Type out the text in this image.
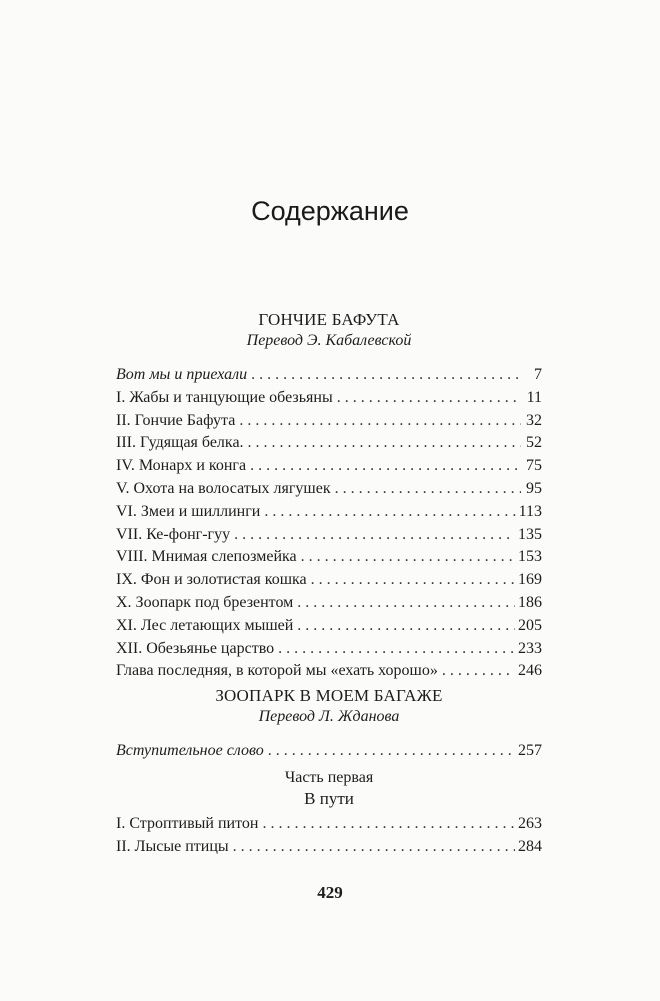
Содержание
ГОНЧИЕ БАФУТА
Перевод Э. Кабалевской
Вот мы и приехали . . .	7
I. Жабы и танцующие обезьяны . . .	11
II. Гончие Бафута . . .	32
III. Гудящая белка. . . .	52
IV. Монарх и конга . . .	75
V. Охота на волосатых лягушек . . .	95
VI. Змеи и шиллинги . . .	113
VII. Ке-фонг-гуу . . .	135
VIII. Мнимая слепозмейка . . .	153
IX. Фон и золотистая кошка . . .	169
X. Зоопарк под брезентом . . .	186
XI. Лес летающих мышей . . .	205
XII. Обезьянье царство . . .	233
Глава последняя, в которой мы «ехать хорошо» . . .	246
ЗООПАРК В МОЕМ БАГАЖЕ
Перевод Л. Жданова
Вступительное слово . . .	257
Часть первая
В пути
I. Строптивый питон . . .	263
II. Лысые птицы . . .	284
429
